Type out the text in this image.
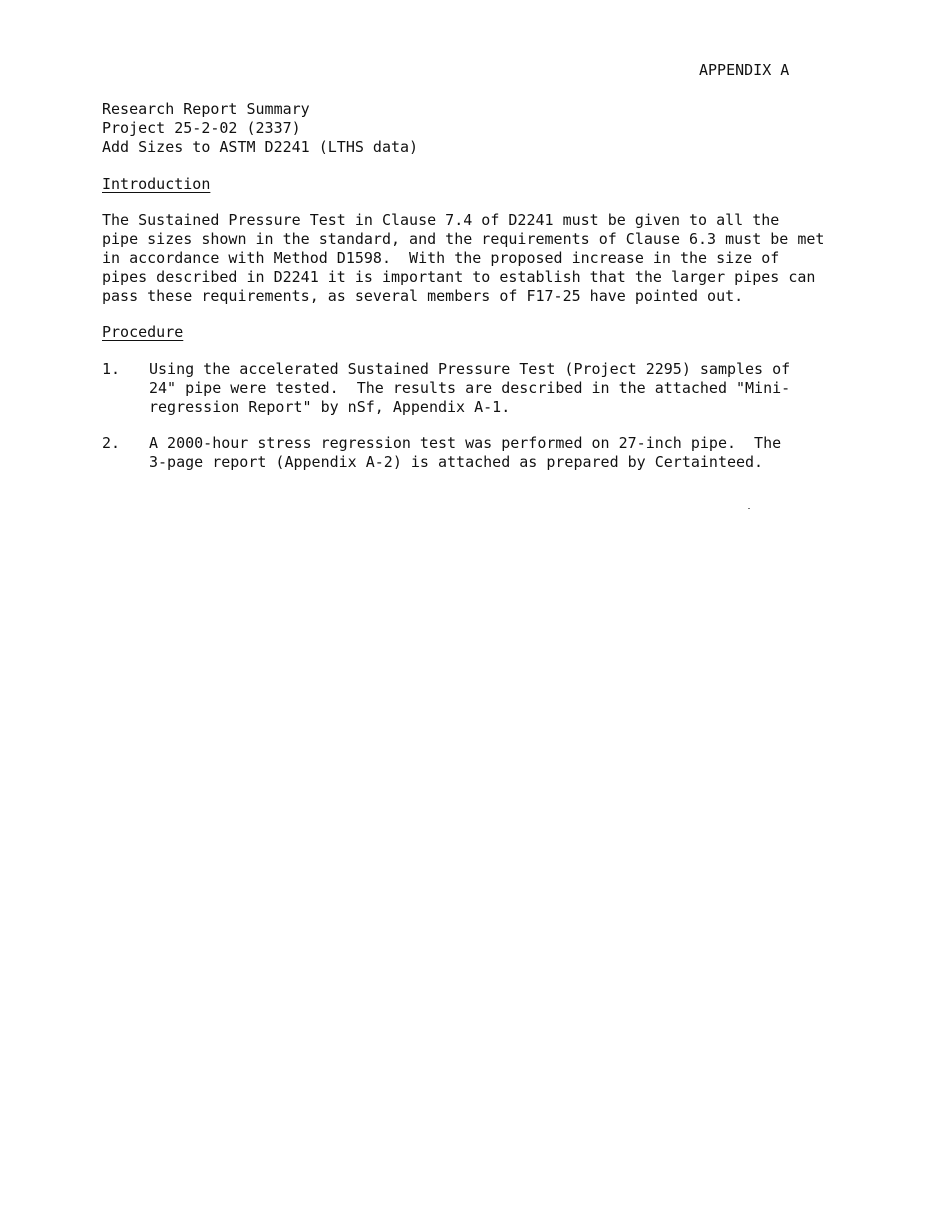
APPENDIX A
Research Report Summary
Project 25-2-02 (2337)
Add Sizes to ASTM D2241 (LTHS data)
Introduction
The Sustained Pressure Test in Clause 7.4 of D2241 must be given to all the
pipe sizes shown in the standard, and the requirements of Clause 6.3 must be met
in accordance with Method D1598.  With the proposed increase in the size of
pipes described in D2241 it is important to establish that the larger pipes can
pass these requirements, as several members of F17-25 have pointed out.
Procedure
1. Using the accelerated Sustained Pressure Test (Project 2295) samples of
24" pipe were tested.  The results are described in the attached "Mini-
regression Report" by nSf, Appendix A-1.
2. A 2000-hour stress regression test was performed on 27-inch pipe.  The
3-page report (Appendix A-2) is attached as prepared by Certainteed.
